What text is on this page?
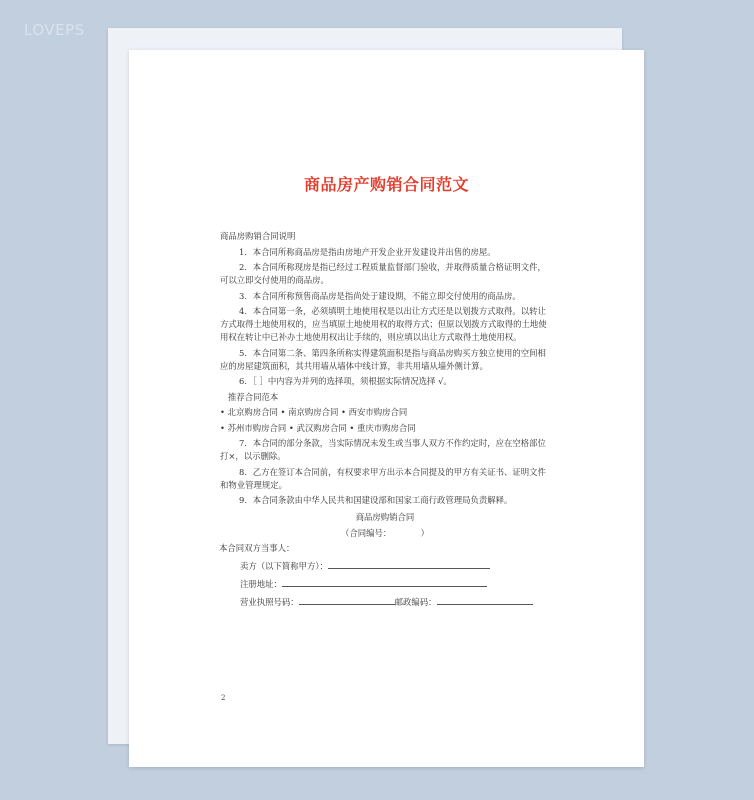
LOVEPS
商品房产购销合同范文

商品房购销合同说明

1．本合同所称商品房是指由房地产开发企业开发建设并出售的房屋。

2．本合同所称现房是指已经过工程质量监督部门验收，并取得质量合格证明文件，可以立即交付使用的商品房。

3．本合同所称预售商品房是指尚处于建设期，不能立即交付使用的商品房。

4．本合同第一条，必须填明土地使用权是以出让方式还是以划拨方式取得。以转让方式取得土地使用权的，应当填原土地使用权的取得方式；但原以划拨方式取得的土地使用权在转让中已补办土地使用权出让手续的，则应填以出让方式取得土地使用权。

5．本合同第二条、第四条所称实得建筑面积是指与商品房购买方独立使用的空间相应的房屋建筑面积，其共用墙从墙体中线计算，非共用墙从墙外侧计算。

6．［ ］中内容为并列的选择项，须根据实际情况选择 √。

推荐合同范本

• 北京购房合同 • 南京购房合同 • 西安市购房合同

• 苏州市购房合同 • 武汉购房合同 • 重庆市购房合同

7．本合同的部分条款，当实际情况未发生或当事人双方不作约定时，应在空格部位打×，以示删除。

8．乙方在签订本合同前，有权要求甲方出示本合同提及的甲方有关证书、证明文件和物业管理规定。

9．本合同条款由中华人民共和国建设部和国家工商行政管理局负责解释。

商品房购销合同

（合同编号：　　　　）

本合同双方当事人：

卖方（以下简称甲方）：

注册地址：

营业执照号码：	邮政编码：

2
